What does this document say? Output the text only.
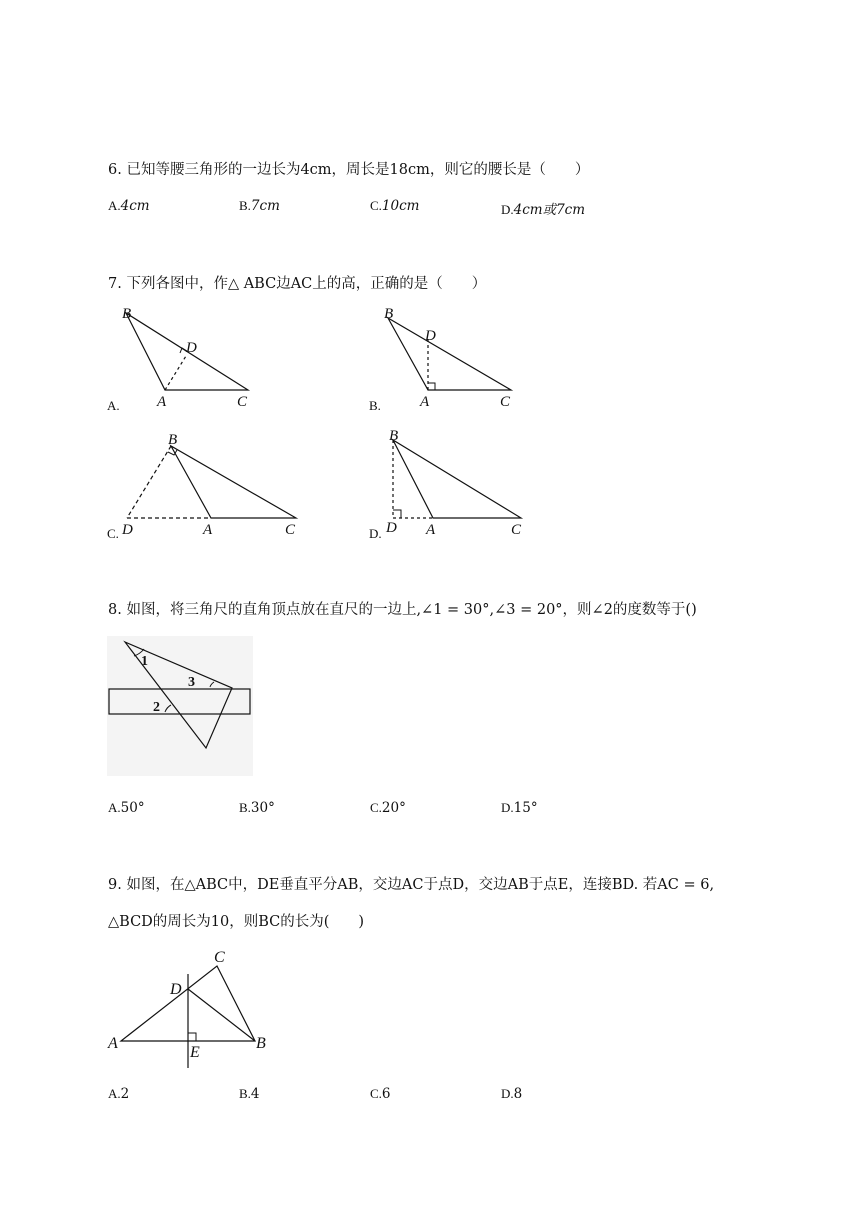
6. 已知等腰三角形的一边长为4cm，周长是18cm，则它的腰长是（　　）
A.4cm	B.7cm	C.10cm	D.4cm或7cm
7. 下列各图中，作△ ABC边AC上的高，正确的是（　　）
B
D
A	C
B
D
A	C
B
D	A	C
B
D A	C
A.	B.
C.	D.
8. 如图，将三角尺的直角顶点放在直尺的一边上,∠1 = 30°,∠3 = 20°，则∠2的度数等于()
1
2
3
A.50°	B.30°	C.20°	D.15°
9. 如图，在△ABC中，DE垂直平分AB，交边AC于点D，交边AB于点E，连接BD. 若AC = 6,
△BCD的周长为10，则BC的长为(　　)
A	B
C
D
E
A.2	B.4	C.6	D.8
